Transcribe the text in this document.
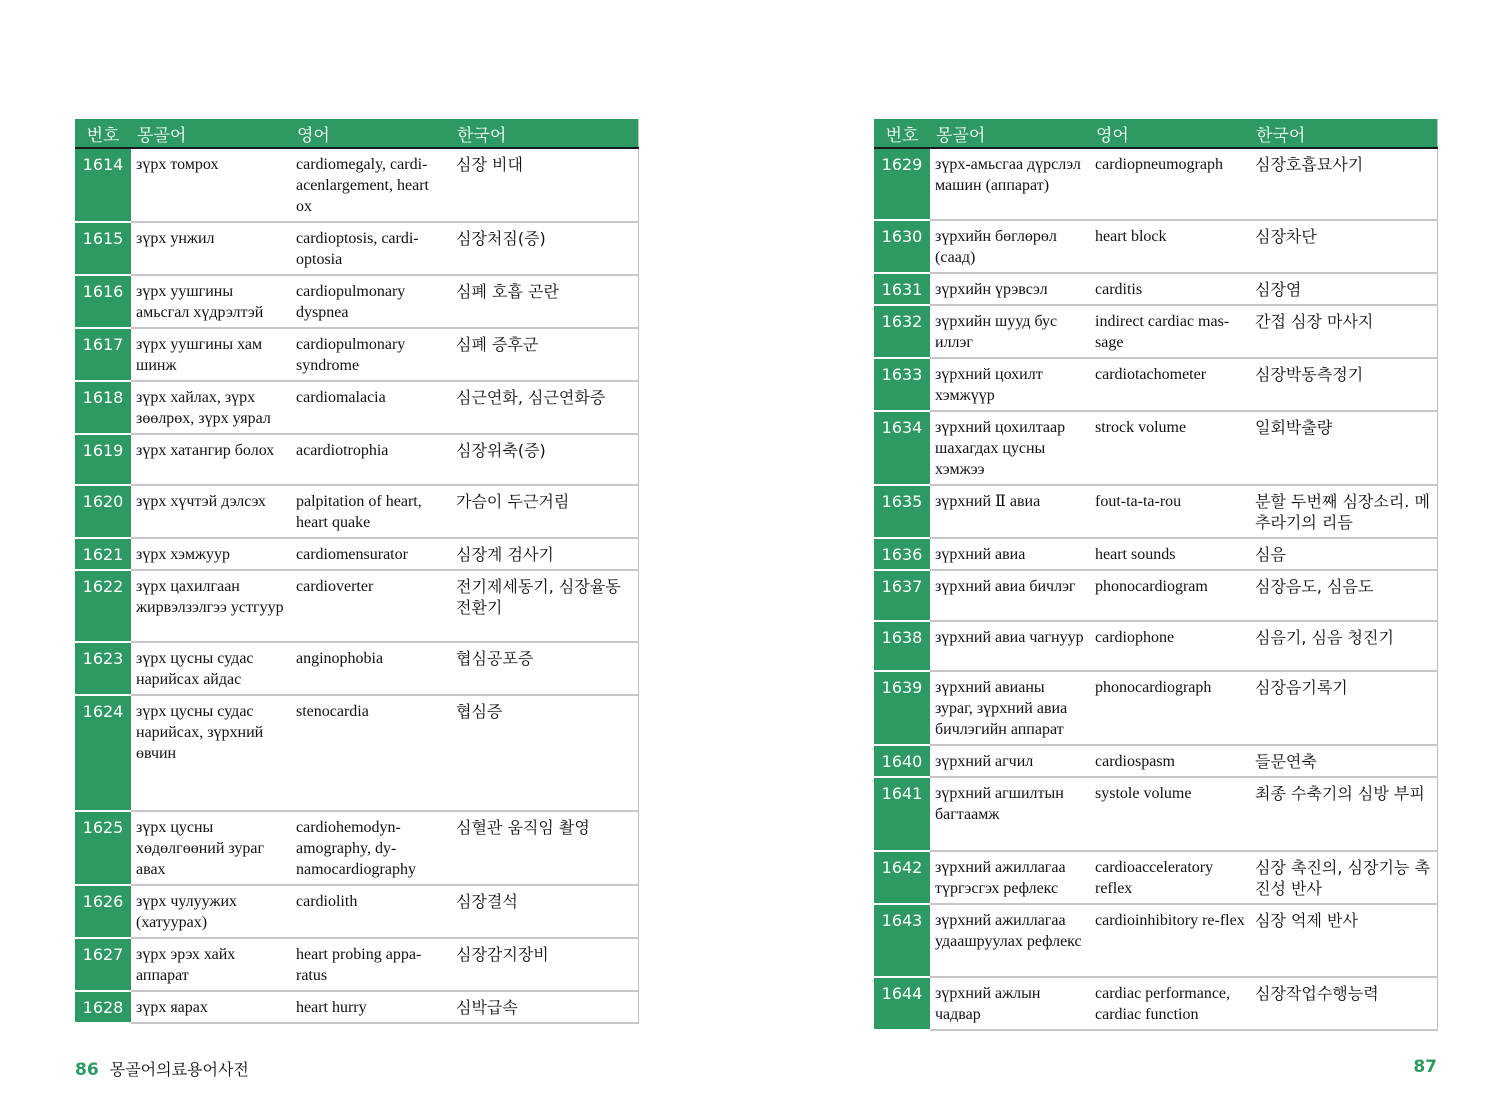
번호	몽골어	영어	한국어
1614	зүрх томрох	cardiomegaly, cardi-acenlargement, heart ox	심장 비대
1615	зүрх унжил	cardioptosis, cardi-optosia	심장처짐(증)
1616	зүрх уушгины амьсгал хүдрэлтэй	cardiopulmonary dyspnea	심폐 호흡 곤란
1617	зүрх уушгины хам шинж	cardiopulmonary syndrome	심폐 증후군
1618	зүрх хайлах, зүрх зөөлрөх, зүрх уярал	cardiomalacia	심근연화, 심근연화증
1619	зүрх хатангир болох	acardiotrophia	심장위축(증)
1620	зүрх хүчтэй дэлсэх	palpitation of heart, heart quake	가슴이 두근거림
1621	зүрх хэмжуур	cardiomensurator	심장계 검사기
1622	зүрх цахилгаан жирвэлзэлгээ устгуур	cardioverter	전기제세동기, 심장율동 전환기
1623	зүрх цусны судас нарийсах айдас	anginophobia	협심공포증
1624	зүрх цусны судас нарийсах, зүрхний өвчин	stenocardia	협심증
1625	зүрх цусны хөдөлгөөний зураг авах	cardiohemodyn-amography, dy-namocardiography	심혈관 움직임 촬영
1626	зүрх чулуужих (хатуурах)	cardiolith	심장결석
1627	зүрх эрэх хайх аппарат	heart probing appa-ratus	심장감지장비
1628	зүрх яарах	heart hurry	심박급속
번호	몽골어	영어	한국어
1629	зүрх-амьсгаа дүрслэл машин (аппарат)	cardiopneumograph	심장호흡묘사기
1630	зүрхийн бөглөрөл (саад)	heart block	심장차단
1631	зүрхийн үрэвсэл	carditis	심장염
1632	зүрхийн шууд бус иллэг	indirect cardiac mas-sage	간접 심장 마사지
1633	зүрхний цохилт хэмжүүр	cardiotachometer	심장박동측정기
1634	зүрхний цохилтаар шахагдах цусны хэмжээ	strock volume	일회박출량
1635	зүрхний Ⅱ авиа	fout-ta-ta-rou	분할 두번째 심장소리. 메추라기의 리듬
1636	зүрхний авиа	heart sounds	심음
1637	зүрхний авиа бичлэг	phonocardiogram	심장음도, 심음도
1638	зүрхний авиа чагнуур	cardiophone	심음기, 심음 청진기
1639	зүрхний авианы зураг, зүрхний авиа бичлэгийн аппарат	phonocardiograph	심장음기록기
1640	зүрхний агчил	cardiospasm	들문연축
1641	зүрхний агшилтын багтаамж	systole volume	최종 수축기의 심방 부피
1642	зүрхний ажиллагаа түргэсгэх рефлекс	cardioacceleratory reflex	심장 촉진의, 심장기능 촉진성 반사
1643	зүрхний ажиллагаа удаашруулах рефлекс	cardioinhibitory re-flex	심장 억제 반사
1644	зүрхний ажлын чадвар	cardiac performance, cardiac function	심장작업수행능력
86 몽골어의료용어사전	87
